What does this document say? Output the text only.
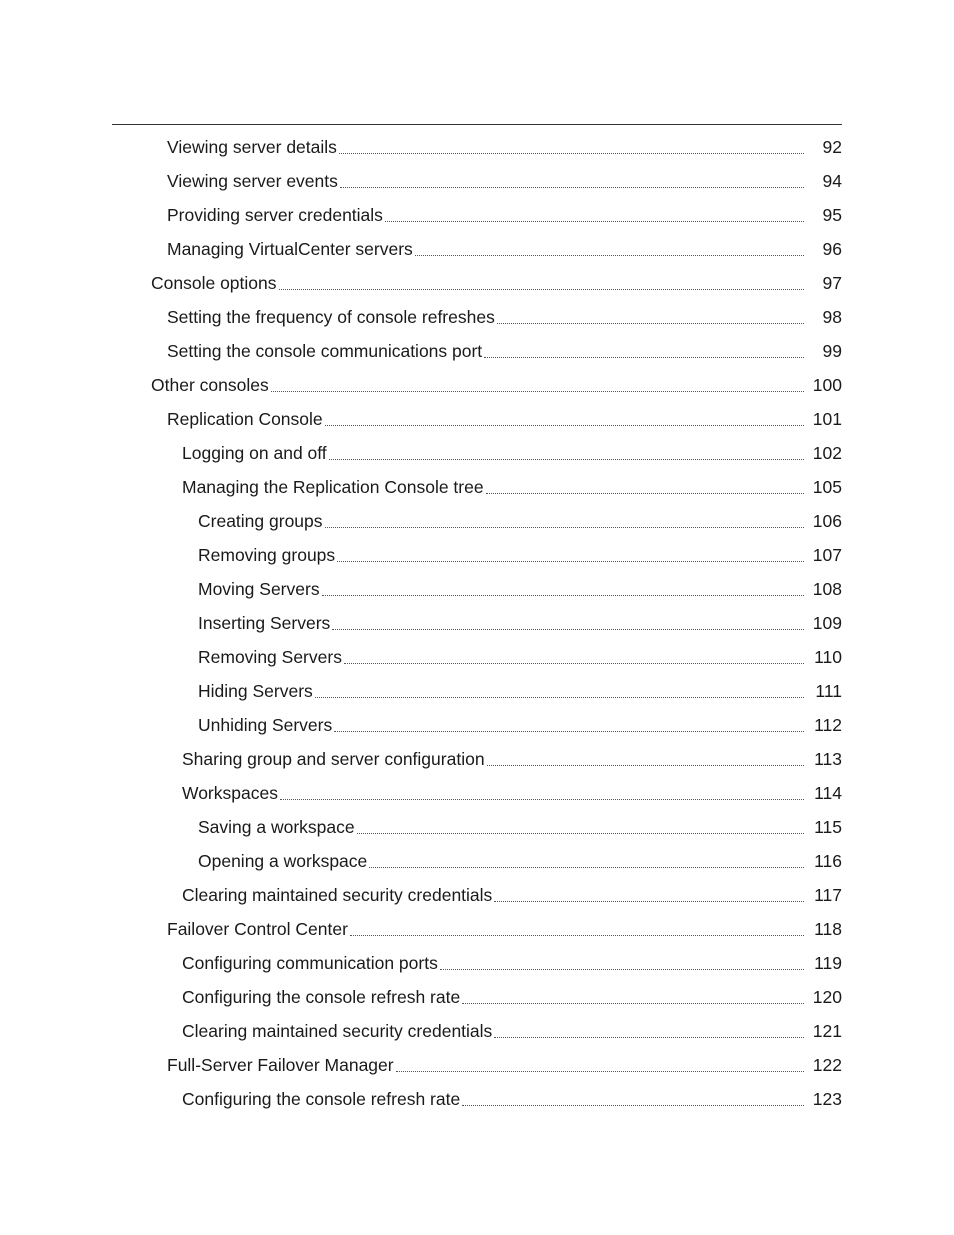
Viewing server details	92
Viewing server events	94
Providing server credentials	95
Managing VirtualCenter servers	96
Console options	97
Setting the frequency of console refreshes	98
Setting the console communications port	99
Other consoles	100
Replication Console	101
Logging on and off	102
Managing the Replication Console tree	105
Creating groups	106
Removing groups	107
Moving Servers	108
Inserting Servers	109
Removing Servers	110
Hiding Servers	111
Unhiding Servers	112
Sharing group and server configuration	113
Workspaces	114
Saving a workspace	115
Opening a workspace	116
Clearing maintained security credentials	117
Failover Control Center	118
Configuring communication ports	119
Configuring the console refresh rate	120
Clearing maintained security credentials	121
Full-Server Failover Manager	122
Configuring the console refresh rate	123
